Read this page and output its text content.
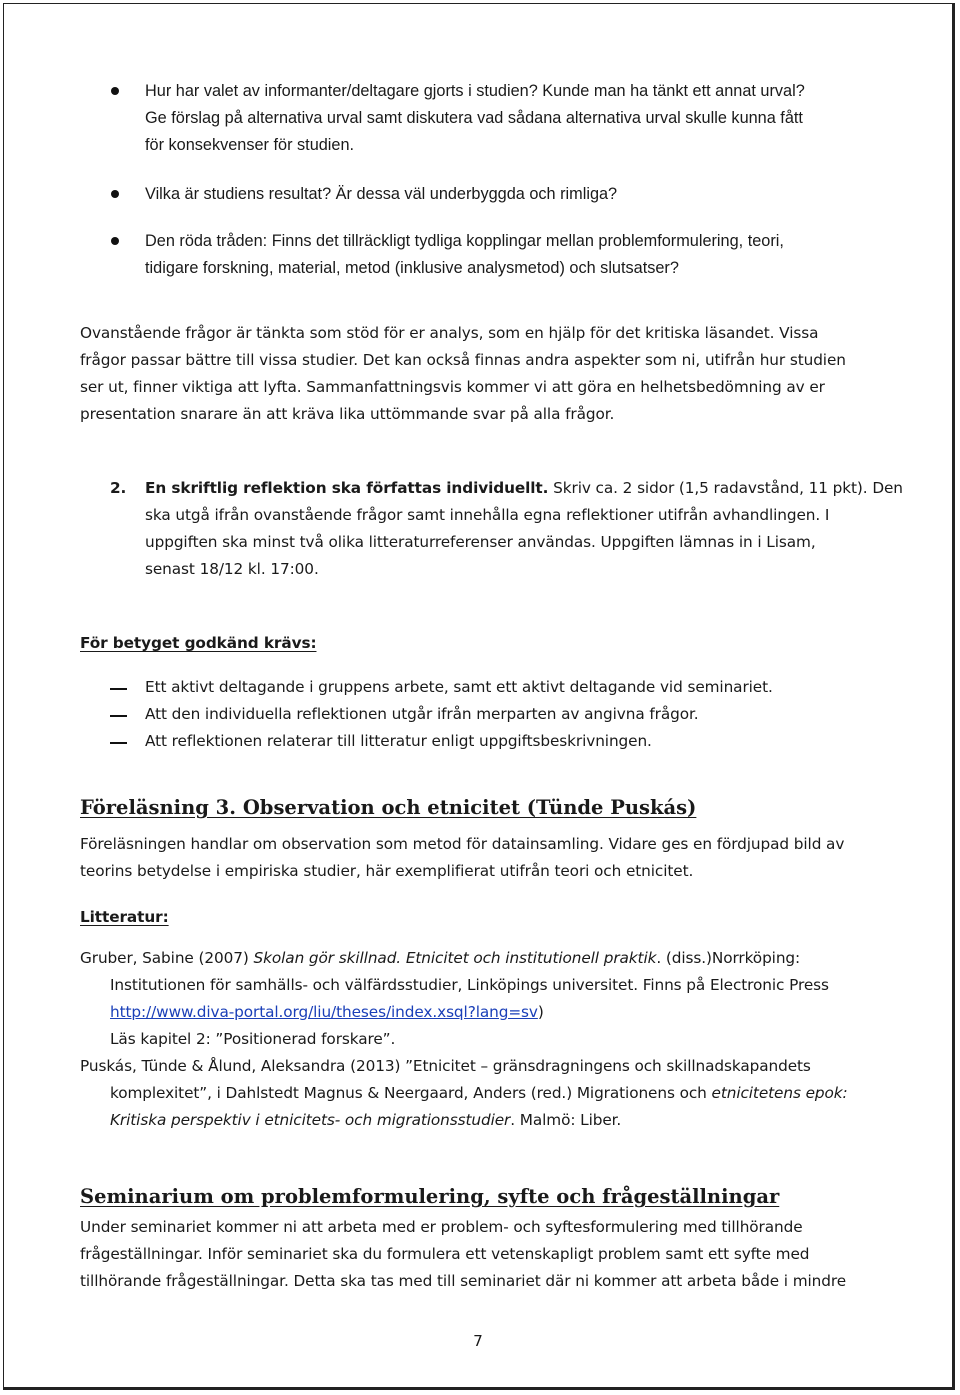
Hur har valet av informanter/deltagare gjorts i studien? Kunde man ha tänkt ett annat urval?
Ge förslag på alternativa urval samt diskutera vad sådana alternativa urval skulle kunna fått
för konsekvenser för studien.
Vilka är studiens resultat? Är dessa väl underbyggda och rimliga?
Den röda tråden: Finns det tillräckligt tydliga kopplingar mellan problemformulering, teori,
tidigare forskning, material, metod (inklusive analysmetod) och slutsatser?
Ovanstående frågor är tänkta som stöd för er analys, som en hjälp för det kritiska läsandet. Vissa
frågor passar bättre till vissa studier. Det kan också finnas andra aspekter som ni, utifrån hur studien
ser ut, finner viktiga att lyfta. Sammanfattningsvis kommer vi att göra en helhetsbedömning av er
presentation snarare än att kräva lika uttömmande svar på alla frågor.
2. En skriftlig reflektion ska författas individuellt. Skriv ca. 2 sidor (1,5 radavstånd, 11 pkt). Den
ska utgå ifrån ovanstående frågor samt innehålla egna reflektioner utifrån avhandlingen. I
uppgiften ska minst två olika litteraturreferenser användas. Uppgiften lämnas in i Lisam,
senast 18/12 kl. 17:00.
För betyget godkänd krävs:
Ett aktivt deltagande i gruppens arbete, samt ett aktivt deltagande vid seminariet.
Att den individuella reflektionen utgår ifrån merparten av angivna frågor.
Att reflektionen relaterar till litteratur enligt uppgiftsbeskrivningen.
Föreläsning 3. Observation och etnicitet (Tünde Puskás)
Föreläsningen handlar om observation som metod för datainsamling. Vidare ges en fördjupad bild av
teorins betydelse i empiriska studier, här exemplifierat utifrån teori och etnicitet.
Litteratur:
Gruber, Sabine (2007) Skolan gör skillnad. Etnicitet och institutionell praktik. (diss.)Norrköping:
Institutionen för samhälls- och välfärdsstudier, Linköpings universitet. Finns på Electronic Press
http://www.diva-portal.org/liu/theses/index.xsql?lang=sv)
Läs kapitel 2: ”Positionerad forskare”.
Puskás, Tünde & Ålund, Aleksandra (2013) ”Etnicitet – gränsdragningens och skillnadskapandets
komplexitet”, i Dahlstedt Magnus & Neergaard, Anders (red.) Migrationens och etnicitetens epok:
Kritiska perspektiv i etnicitets- och migrationsstudier. Malmö: Liber.
Seminarium om problemformulering, syfte och frågeställningar
Under seminariet kommer ni att arbeta med er problem- och syftesformulering med tillhörande
frågeställningar. Inför seminariet ska du formulera ett vetenskapligt problem samt ett syfte med
tillhörande frågeställningar. Detta ska tas med till seminariet där ni kommer att arbeta både i mindre
7
